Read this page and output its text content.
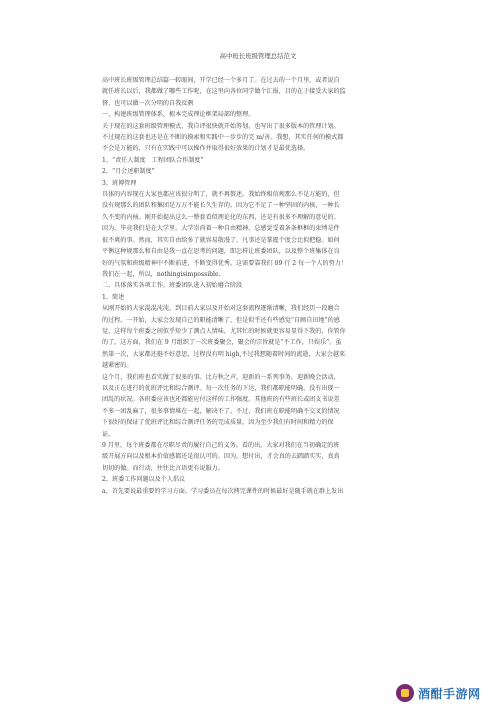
高中班长班级管理总结范文
高中班长班级管理总结篇一转眼间，开学已经一个多月了。在过去的一个月里，或者说自
就任班长以后，我都做了哪些工作呢，在这里向各位同学做个汇报，目的在于接受大家的监
督，也可以做一次分明的自我反剩
一、构建班级管理体系，根本完成理论框架局部的整理。
关于现在的这套班级管理模式，我自评很快就开始筹划，也写出了很多版本的管理计划。
不过现在的这套也还是在不断的摸索和实践中一步步的完 m/善。我想，其实任何的模式都
不会是万能的，只有在实践中可以操作并取得很好效果的计划才是最优选择。
1、“责任人制度　工程团队合作制度”
2、“月会述职制度”
3、班博管理
具体的内容现在大家也都应该很分明了，就不再赘述。我始终相信规那么不是万能的，但
没有规那么的团队和集团是万万不能长久生存的。因为它不足了一种坚固的内核，一种长
久不变的内核。刚开始提出这么一整套看似理论化的东西，还是有很多不理解的意见的。
因为，毕竟我们是在大学里。大学崇尚着一种自由精神，总感觉受着条条框框的束缚是件
很不爽的事。然而，其实自由给多了就容易散漫了，凡事还是掌握个度会比拟把稳。如何
平衡这种规那么和自由是我一直在思考的问题，即怎样让班委团队，以及整个班集体在良
好的气氛和班级精神中不断前进，不断变得优秀。这需要靠我们 09 行 2 每一个人的努力！
我们在一起，所以，nothingisimpossible.
二、具体落实各项工作，班委团队进入初始磨合阶段
1、简述
从刚开始的大家混混沌沌，到目前大家以及开始对这套流程逐渐清晰，我们经历一段磨合
的过程。一开始，大家会发现自己的职能清晰了，但是似乎还有些感觉“自顾自田地”的感
觉，这样每个班委之间似乎短少了测点人情味，尤其忙的时候就更容易显得下我的，你管你
的了。这方面，我们在 9 月组织了一次班委聚会，聚会的宗旨就是“不工作，只娱乐”。虽
然第一次，大家都还挺不好意思，过程没有明 high,不过我想随着时间的流逝，大家会越来
越紧密的。
这个月，我们班也看实做了很多的事。比方秋之声，迎新的一系列事务，迎新晚会活动，
以及正在进行的优班评比和综合测评。每一次任务的下达，我们都职能明确，没有出现一
团乱的状况。各班委应该也还都能应付这样的工作强度。其他班的有些班长或团支书说差
不多一团乱麻了，很多事情堆在一起，解决不了。不过，我们班在职能明确不交叉的情况
下很好的保证了优班评比和综合测评任务的完成质量，因为至少我们有时间和精力的保
证。
9 月里，每个班委都在尽职尽责的履行自己的义务。看的出，大家对我们在当初确定的班
级开展方向以及根本价值感都还是很认可的。因为，想付出，才会真的去踏踏实实，真真
切切的做。而行动，往往比言语更有说服力。
2、班委工作问题以及个人倡议
a、首先要说最重要的学习方面。学习委员在每次拷完课件的时候最好是随手就在群上发出
酒酣手游网
